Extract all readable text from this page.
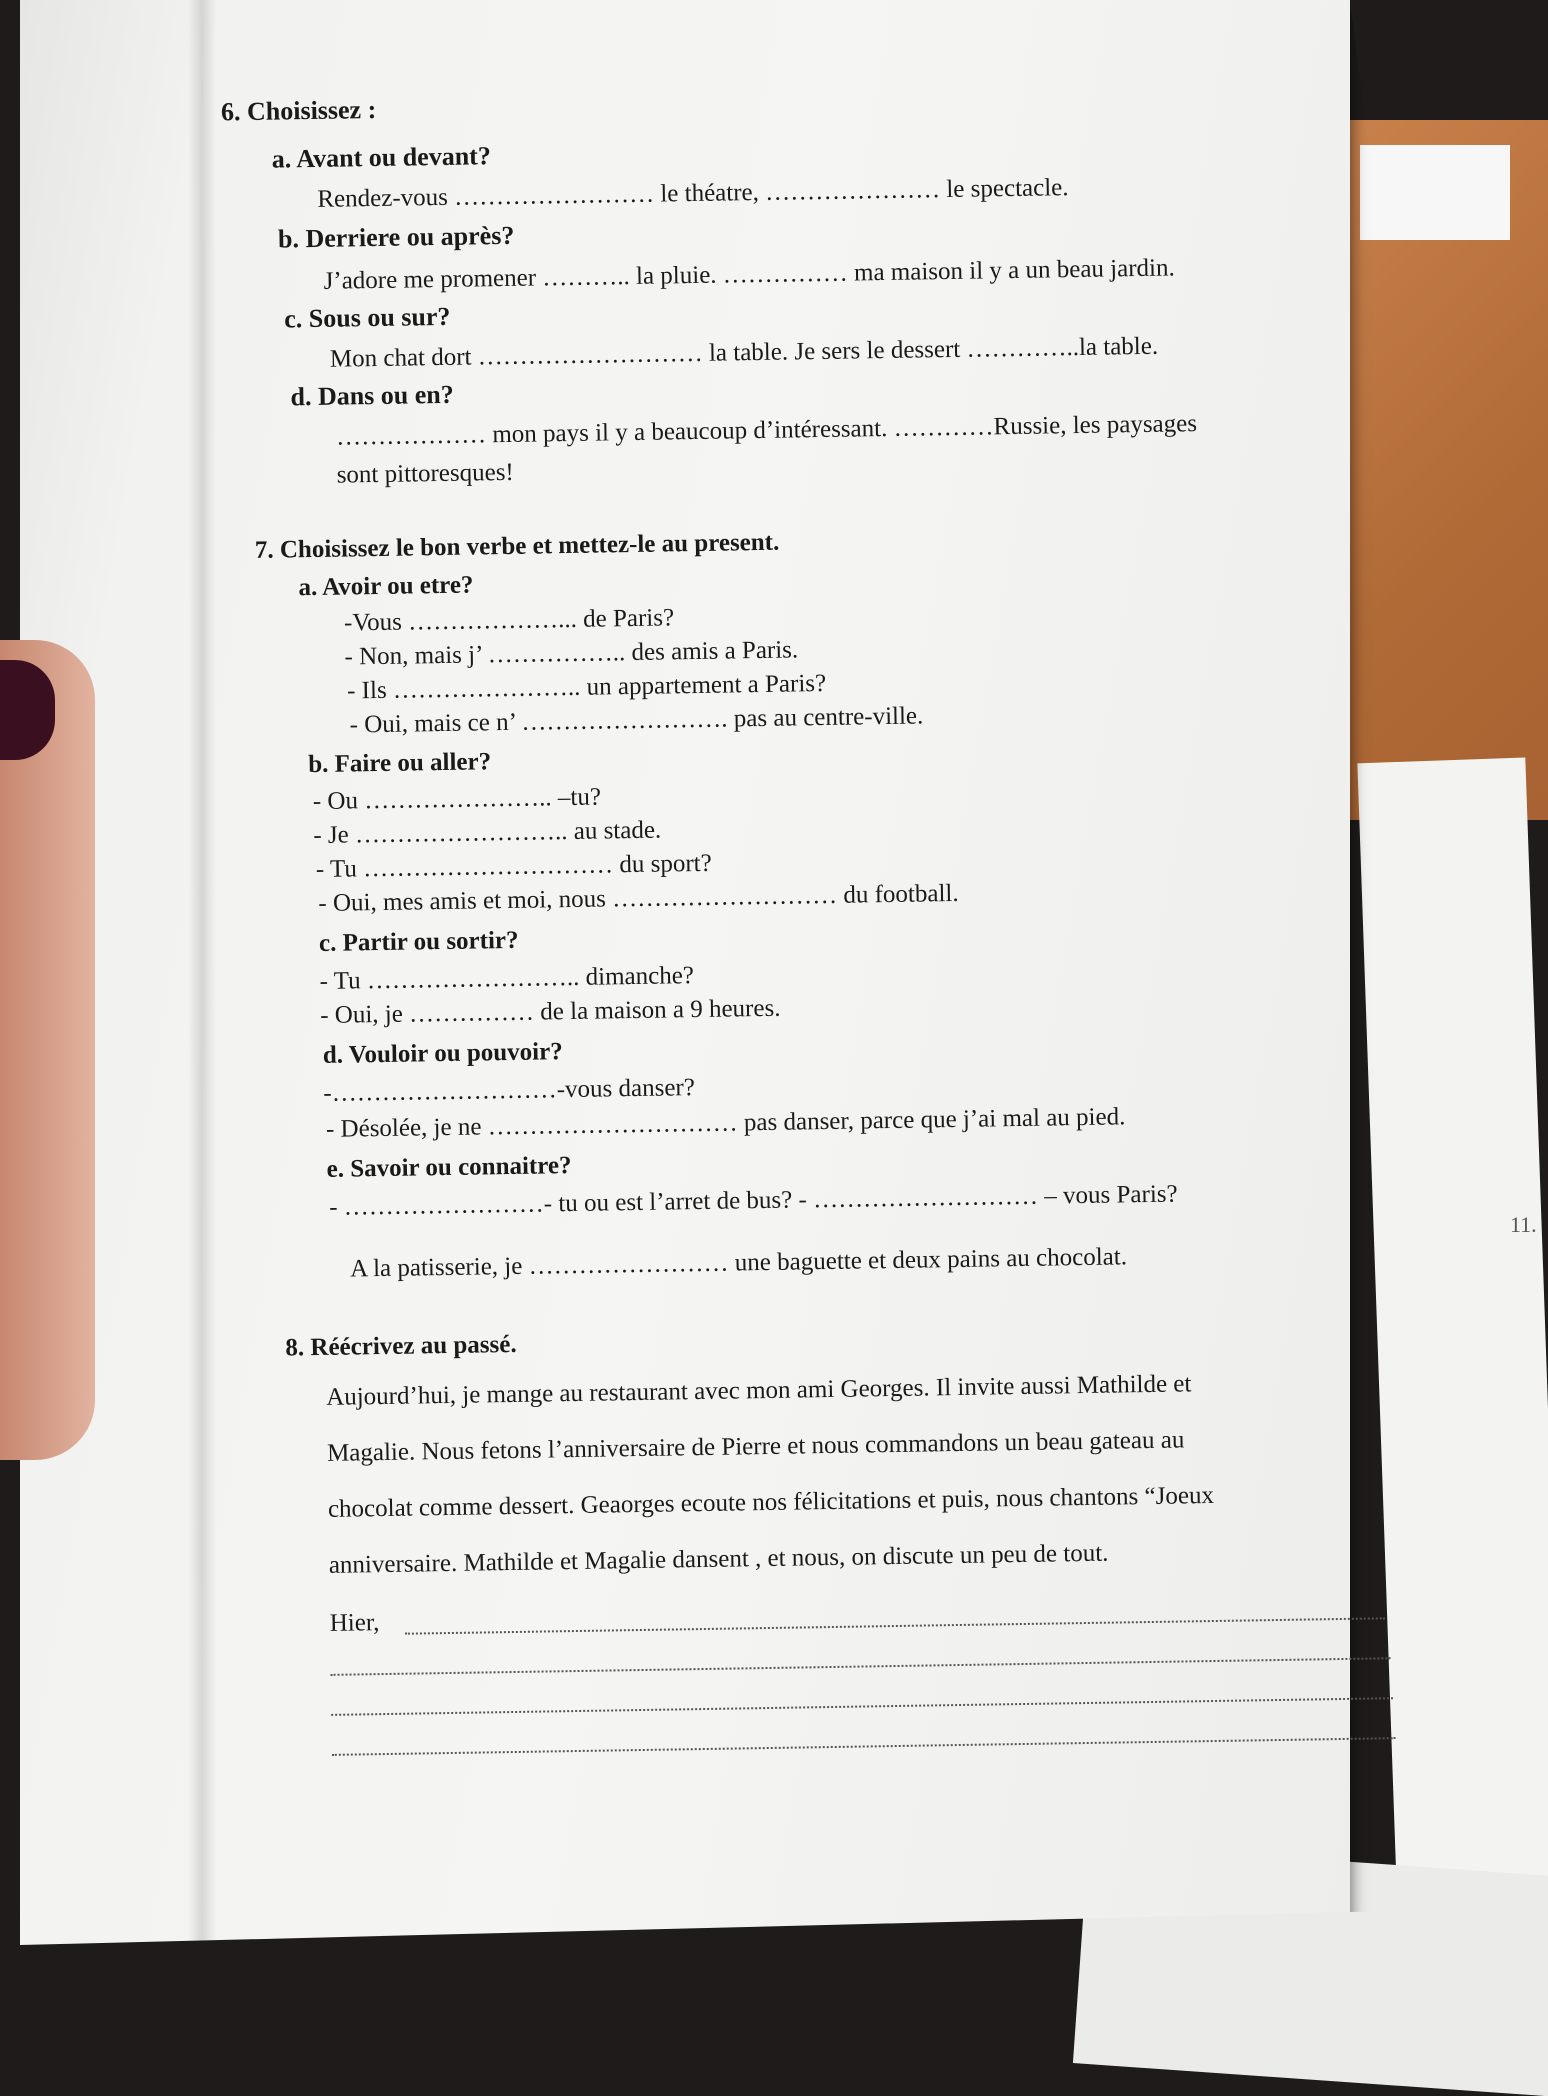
11.
6. Choisissez :
a. Avant ou devant?
Rendez-vous …………………… le théatre, ………………… le spectacle.
b. Derriere ou après?
J’adore me promener ……….. la pluie. …………… ma maison il y a un beau jardin.
c. Sous ou sur?
Mon chat dort ……………………… la table. Je sers le dessert …………..la table.
d. Dans ou en?
……………… mon pays il y a beaucoup d’intéressant. …………Russie, les paysages
sont pittoresques!
7. Choisissez le bon verbe et mettez-le au present.
a. Avoir ou etre?
-Vous ………………... de Paris?
- Non, mais j’ …………….. des amis a Paris.
- Ils ………………….. un appartement a Paris?
- Oui, mais ce n’ ……………………. pas au centre-ville.
b. Faire ou aller?
- Ou ………………….. –tu?
- Je …………………….. au stade.
- Tu ………………………… du sport?
- Oui, mes amis et moi, nous ……………………… du football.
c. Partir ou sortir?
- Tu …………………….. dimanche?
- Oui, je …………… de la maison a 9 heures.
d. Vouloir ou pouvoir?
-………………………-vous danser?
- Désolée, je ne ………………………… pas danser, parce que j’ai mal au pied.
e. Savoir ou connaitre?
- ……………………- tu ou est l’arret de bus? - ……………………… – vous Paris?
A la patisserie, je …………………… une baguette et deux pains au chocolat.
8. Réécrivez au passé.
Aujourd’hui, je mange au restaurant avec mon ami Georges. Il invite aussi Mathilde et
Magalie. Nous fetons l’anniversaire de Pierre et nous commandons un beau gateau au
chocolat comme dessert. Geaorges ecoute nos félicitations et puis, nous chantons “Joeux
anniversaire. Mathilde et Magalie dansent , et nous, on discute un peu de tout.
Hier,
